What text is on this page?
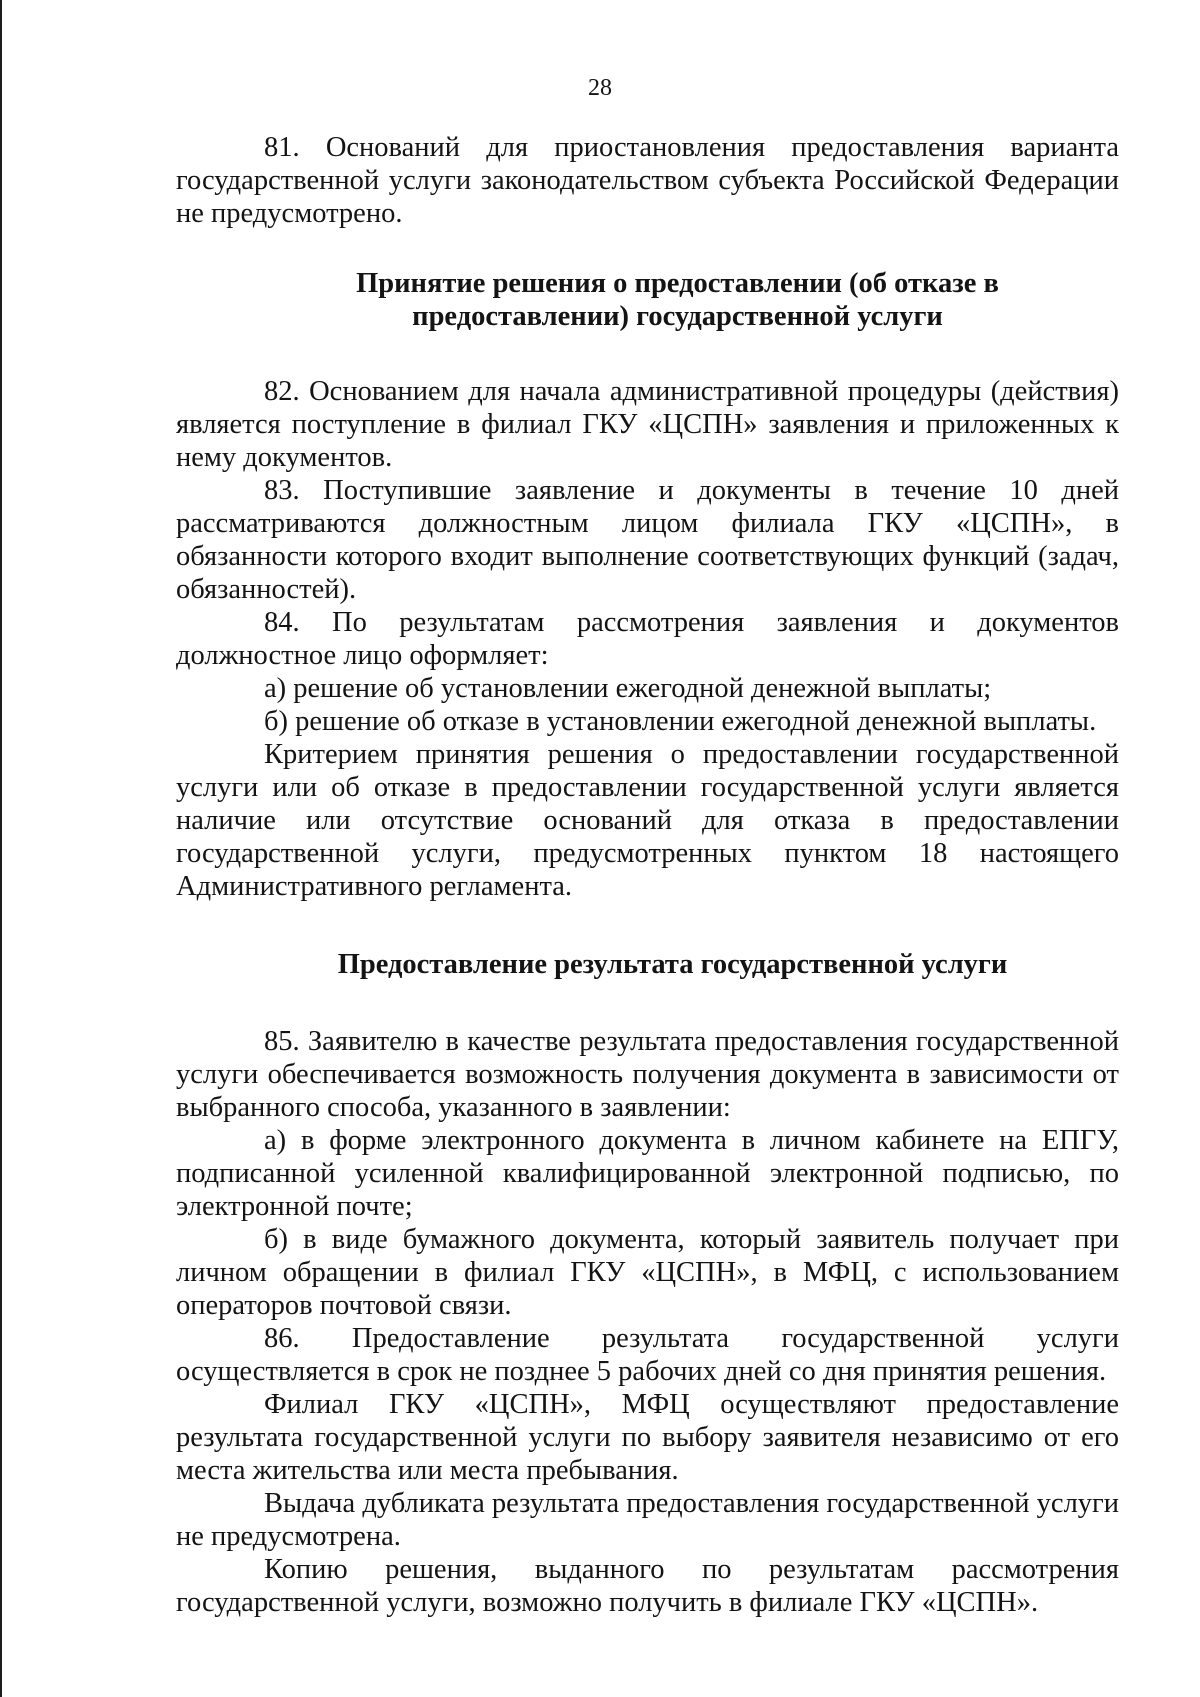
28

81. Оснований для приостановления предоставления варианта государственной услуги законодательством субъекта Российской Федерации не предусмотрено.

Принятие решения о предоставлении (об отказе в
предоставлении) государственной услуги

82. Основанием для начала административной процедуры (действия) является поступление в филиал ГКУ «ЦСПН» заявления и приложенных к нему документов.

83. Поступившие заявление и документы в течение 10 дней рассматриваются должностным лицом филиала ГКУ «ЦСПН», в обязанности которого входит выполнение соответствующих функций (задач, обязанностей).

84. По результатам рассмотрения заявления и документов должностное лицо оформляет:

а) решение об установлении ежегодной денежной выплаты;

б) решение об отказе в установлении ежегодной денежной выплаты.

Критерием принятия решения о предоставлении государственной услуги или об отказе в предоставлении государственной услуги является наличие или отсутствие оснований для отказа в предоставлении государственной услуги, предусмотренных пунктом 18 настоящего Административного регламента.

Предоставление результата государственной услуги

85. Заявителю в качестве результата предоставления государственной услуги обеспечивается возможность получения документа в зависимости от выбранного способа, указанного в заявлении:

а) в форме электронного документа в личном кабинете на ЕПГУ, подписанной усиленной квалифицированной электронной подписью, по электронной почте;

б) в виде бумажного документа, который заявитель получает при личном обращении в филиал ГКУ «ЦСПН», в МФЦ, с использованием операторов почтовой связи.

86. Предоставление результата государственной услуги осуществляется в срок не позднее 5 рабочих дней со дня принятия решения.

Филиал ГКУ «ЦСПН», МФЦ осуществляют предоставление результата государственной услуги по выбору заявителя независимо от его места жительства или места пребывания.

Выдача дубликата результата предоставления государственной услуги не предусмотрена.

Копию решения, выданного по результатам рассмотрения государственной услуги, возможно получить в филиале ГКУ «ЦСПН».
